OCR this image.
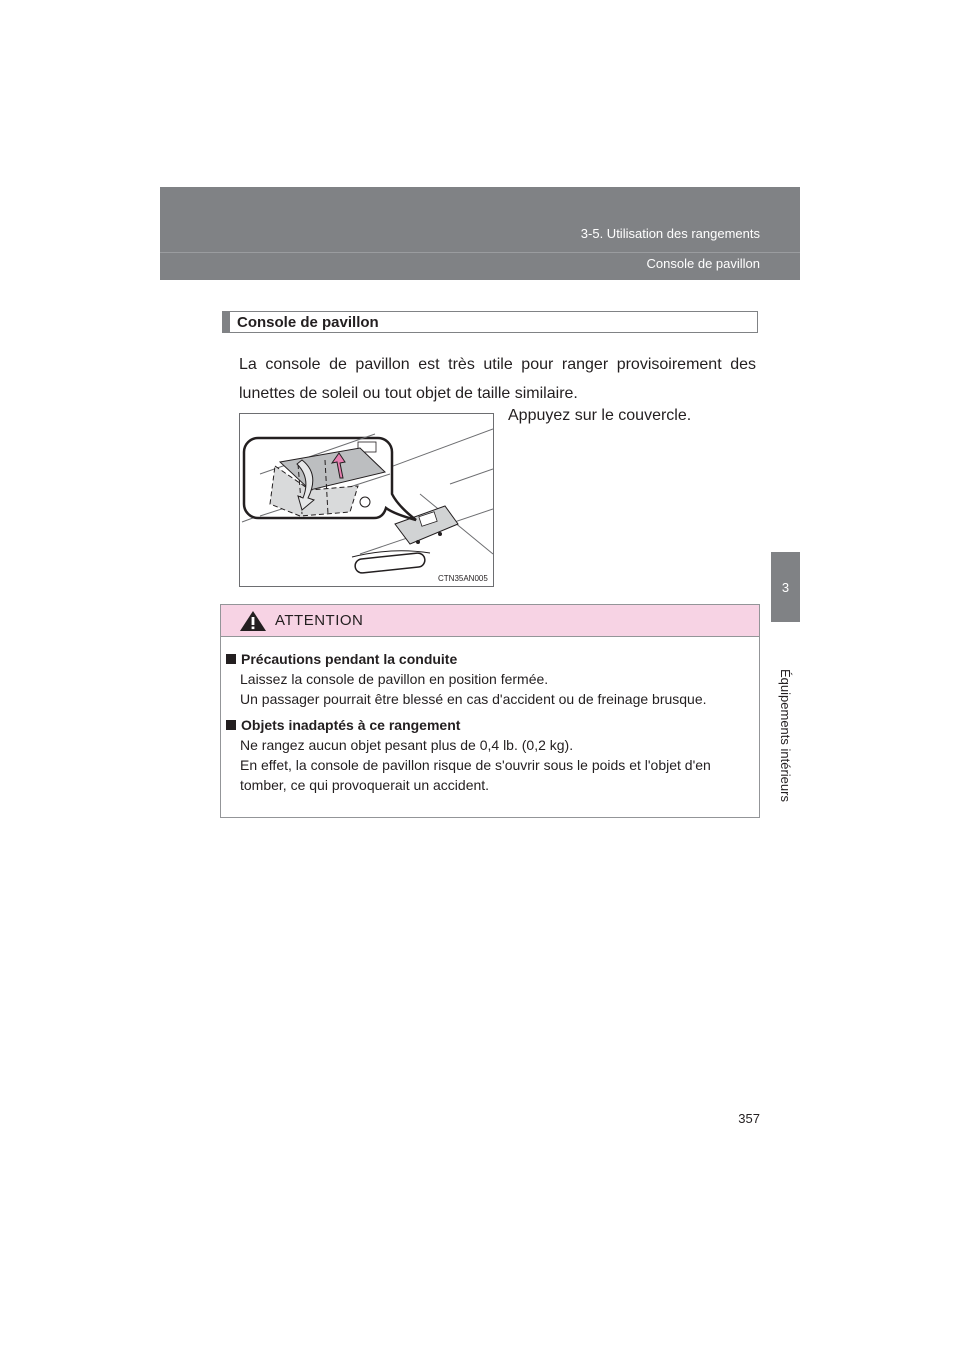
3-5. Utilisation des rangements
Console de pavillon
3
Équipements intérieurs
Console de pavillon

La console de pavillon est très utile pour ranger provisoirement des lunettes de soleil ou tout objet de taille similaire.

CTN35AN005
Appuyez sur le couvercle.
ATTENTION
Précautions pendant la conduite
Laissez la console de pavillon en position fermée.
Un passager pourrait être blessé en cas d'accident ou de freinage brusque.
Objets inadaptés à ce rangement
Ne rangez aucun objet pesant plus de 0,4 lb. (0,2 kg).
En effet, la console de pavillon risque de s'ouvrir sous le poids et l'objet d'en tomber, ce qui provoquerait un accident.
357
